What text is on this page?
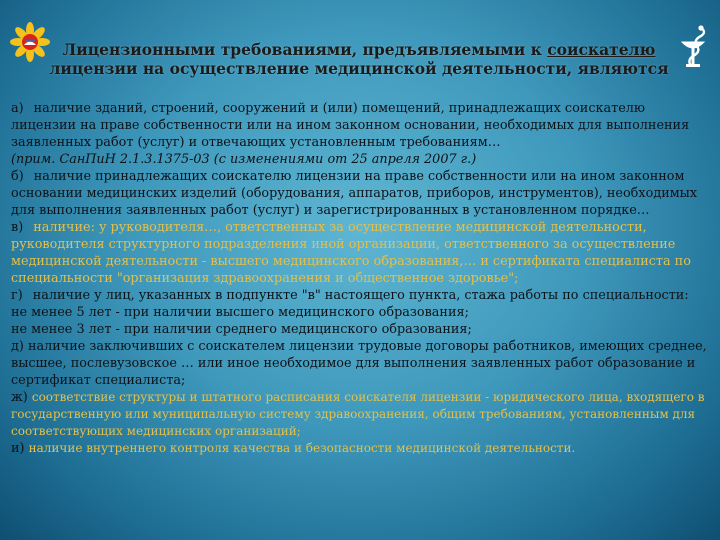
Лицензионными требованиями, предъявляемыми к соискателю
лицензии на осуществление медицинской деятельности, являются

а) наличие зданий, строений, сооружений и (или) помещений, принадлежащих соискателю лицензии на праве собственности или на ином законном основании, необходимых для выполнения заявленных работ (услуг) и отвечающих установленным требованиям…

(прим. СанПиН 2.1.3.1375-03 (с изменениями от 25 апреля 2007 г.)

б) наличие принадлежащих соискателю лицензии на праве собственности или на ином законном основании медицинских изделий (оборудования, аппаратов, приборов, инструментов), необходимых для выполнения заявленных работ (услуг) и зарегистрированных в установленном порядке…

в) наличие: у руководителя…, ответственных за осуществление медицинской деятельности, руководителя структурного подразделения иной организации, ответственного за осуществление медицинской деятельности - высшего медицинского образования,… и сертификата специалиста по специальности "организация здравоохранения и общественное здоровье";

г) наличие у лиц, указанных в подпункте "в" настоящего пункта, стажа работы по специальности:

не менее 5 лет - при наличии высшего медицинского образования;

не менее 3 лет - при наличии среднего медицинского образования;

д) наличие заключивших с соискателем лицензии трудовые договоры работников, имеющих среднее, высшее, послевузовское … или иное необходимое для выполнения заявленных работ образование и сертификат специалиста;

ж) соответствие структуры и штатного расписания соискателя лицензии - юридического лица, входящего в государственную или муниципальную систему здравоохранения, общим требованиям, установленным для соответствующих медицинских организаций;

и) наличие внутреннего контроля качества и безопасности медицинской деятельности.
